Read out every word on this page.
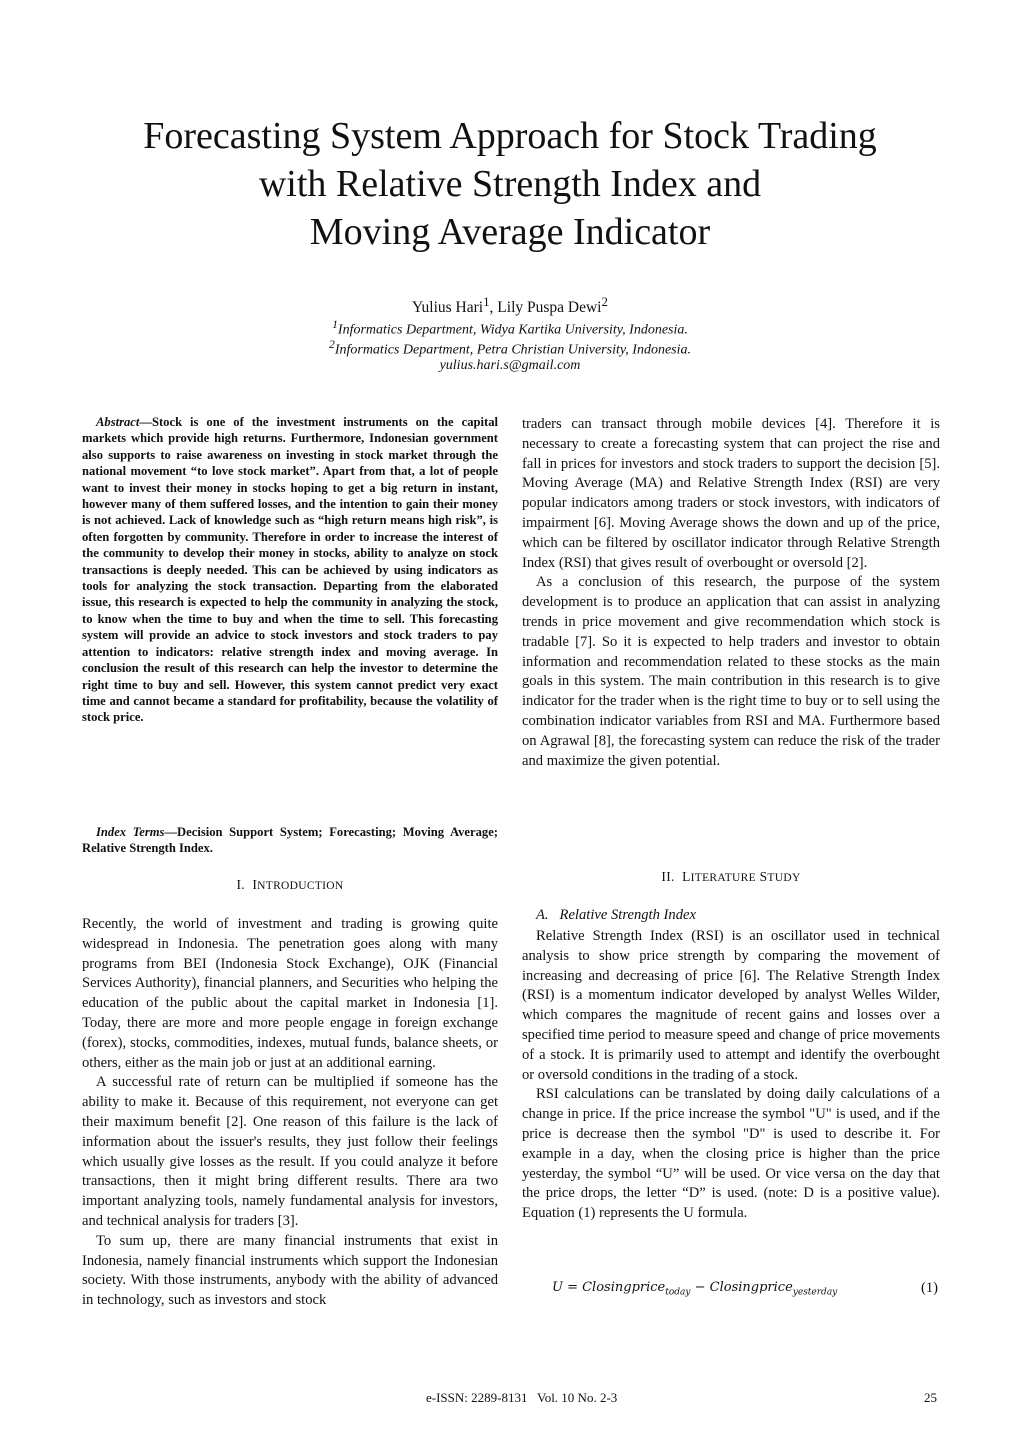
Forecasting System Approach for Stock Trading
with Relative Strength Index and
Moving Average Indicator
Yulius Hari$^1$, Lily Puspa Dewi$^2$
$^1$Informatics Department, Widya Kartika University, Indonesia.
$^2$Informatics Department, Petra Christian University, Indonesia.
yulius.hari.s@gmail.com

Abstract—Stock is one of the investment instruments on the capital markets which provide high returns. Furthermore, Indonesian government also supports to raise awareness on investing in stock market through the national movement “to love stock market”. Apart from that, a lot of people want to invest their money in stocks hoping to get a big return in instant, however many of them suffered losses, and the intention to gain their money is not achieved. Lack of knowledge such as “high return means high risk”, is often forgotten by community. Therefore in order to increase the interest of the community to develop their money in stocks, ability to analyze on stock transactions is deeply needed. This can be achieved by using indicators as tools for analyzing the stock transaction. Departing from the elaborated issue, this research is expected to help the community in analyzing the stock, to know when the time to buy and when the time to sell. This forecasting system will provide an advice to stock investors and stock traders to pay attention to indicators: relative strength index and moving average. In conclusion the result of this research can help the investor to determine the right time to buy and sell. However, this system cannot predict very exact time and cannot became a standard for profitability, because the volatility of stock price.

Index Terms—Decision Support System; Forecasting; Moving Average; Relative Strength Index.

I. INTRODUCTION

Recently, the world of investment and trading is growing quite widespread in Indonesia. The penetration goes along with many programs from BEI (Indonesia Stock Exchange), OJK (Financial Services Authority), financial planners, and Securities who helping the education of the public about the capital market in Indonesia [1]. Today, there are more and more people engage in foreign exchange (forex), stocks, commodities, indexes, mutual funds, balance sheets, or others, either as the main job or just at an additional earning.

A successful rate of return can be multiplied if someone has the ability to make it. Because of this requirement, not everyone can get their maximum benefit [2]. One reason of this failure is the lack of information about the issuer's results, they just follow their feelings which usually give losses as the result. If you could analyze it before transactions, then it might bring different results. There ara two important analyzing tools, namely fundamental analysis for investors, and technical analysis for traders [3].

To sum up, there are many financial instruments that exist in Indonesia, namely financial instruments which support the Indonesian society. With those instruments, anybody with the ability of advanced in technology, such as investors and stock

traders can transact through mobile devices [4]. Therefore it is necessary to create a forecasting system that can project the rise and fall in prices for investors and stock traders to support the decision [5]. Moving Average (MA) and Relative Strength Index (RSI) are very popular indicators among traders or stock investors, with indicators of impairment [6]. Moving Average shows the down and up of the price, which can be filtered by oscillator indicator through Relative Strength Index (RSI) that gives result of overbought or oversold [2].

As a conclusion of this research, the purpose of the system development is to produce an application that can assist in analyzing trends in price movement and give recommendation which stock is tradable [7]. So it is expected to help traders and investor to obtain information and recommendation related to these stocks as the main goals in this system. The main contribution in this research is to give indicator for the trader when is the right time to buy or to sell using the combination indicator variables from RSI and MA. Furthermore based on Agrawal [8], the forecasting system can reduce the risk of the trader and maximize the given potential.

II. LITERATURE STUDY
A. Relative Strength Index

Relative Strength Index (RSI) is an oscillator used in technical analysis to show price strength by comparing the movement of increasing and decreasing of price [6]. The Relative Strength Index (RSI) is a momentum indicator developed by analyst Welles Wilder, which compares the magnitude of recent gains and losses over a specified time period to measure speed and change of price movements of a stock. It is primarily used to attempt and identify the overbought or oversold conditions in the trading of a stock.

RSI calculations can be translated by doing daily calculations of a change in price. If the price increase the symbol "U" is used, and if the price is decrease then the symbol "D" is used to describe it. For example in a day, when the closing price is higher than the price yesterday, the symbol “U” will be used. Or vice versa on the day that the price drops, the letter “D” is used. (note: D is a positive value). Equation (1) represents the U formula.

U = Closingprice$_{today}$ − Closingprice$_{yesterday}$	(1)
e-ISSN: 2289-8131   Vol. 10 No. 2-3	25
